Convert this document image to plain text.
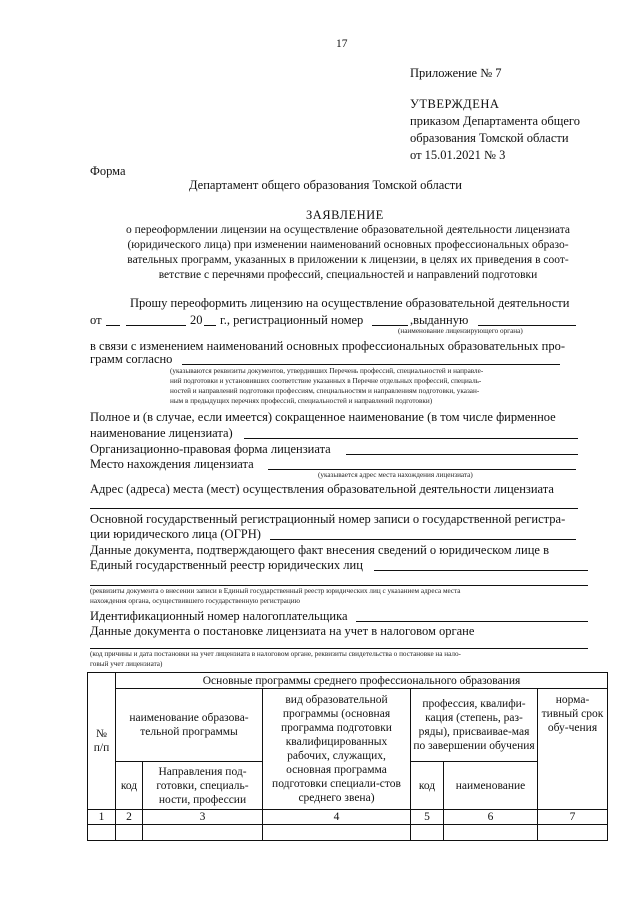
17
Приложение № 7
УТВЕРЖДЕНА
приказом Департамента общего
образования Томской области
от 15.01.2021 № 3
Форма
Департамент общего образования Томской области
ЗАЯВЛЕНИЕ
о переоформлении лицензии на осуществление образовательной деятельности лицензиата
(юридического лица) при изменении наименований основных профессиональных образо-
вательных программ, указанных в приложении к лицензии, в целях их приведения в соот-
ветствие с перечнями профессий, специальностей и направлений подготовки
Прошу переоформить лицензию на осуществление образовательной деятельности
от	20 г., регистрационный номер	,выданную
(наименование лицензирующего органа)
в связи с изменением наименований основных профессиональных образовательных про-
грамм согласно
(указываются реквизиты документов, утвердивших Перечень профессий, специальностей и направле-
ний подготовки и установивших соответствие указанных в Перечне отдельных профессий, специаль-
ностей и направлений подготовки профессиям, специальностям и направлениям подготовки, указан-
ным в предыдущих перечнях профессий, специальностей и направлений подготовки)
Полное и (в случае, если имеется) сокращенное наименование (в том числе фирменное
наименование лицензиата)
Организационно-правовая форма лицензиата
Место нахождения лицензиата
(указывается адрес места нахождения лицензиата)
Адрес (адреса) места (мест) осуществления образовательной деятельности лицензиата
Основной государственный регистрационный номер записи о государственной регистра-
ции юридического лица (ОГРН)
Данные документа, подтверждающего факт внесения сведений о юридическом лице в
Единый государственный реестр юридических лиц
(реквизиты документа о внесении записи в Единый государственный реестр юридических лиц с указанием адреса места
нахождения органа, осуществившего государственную регистрацию
Идентификационный номер налогоплательщика
Данные документа о постановке лицензиата на учет в налоговом органе
(код причины и дата постановки на учет лицензиата в налоговом органе, реквизиты свидетельства о постановке на нало-
говый учет лицензиата)
№ п/п	Основные программы среднего профессионального образования					
	наименование образова-тельной программы		вид образовательной программы (основная программа подготовки квалифицированных рабочих, служащих, основная программа подготовки специали-стов среднего звена)	профессия, квалифи-кация (степень, раз-ряды), присваивае-мая по завершении обучения		норма-тивный срок обу-чения
	код	Направления под-готовки, специаль-ности, профессии		код	наименование	
1	2	3	4	5	6	7
